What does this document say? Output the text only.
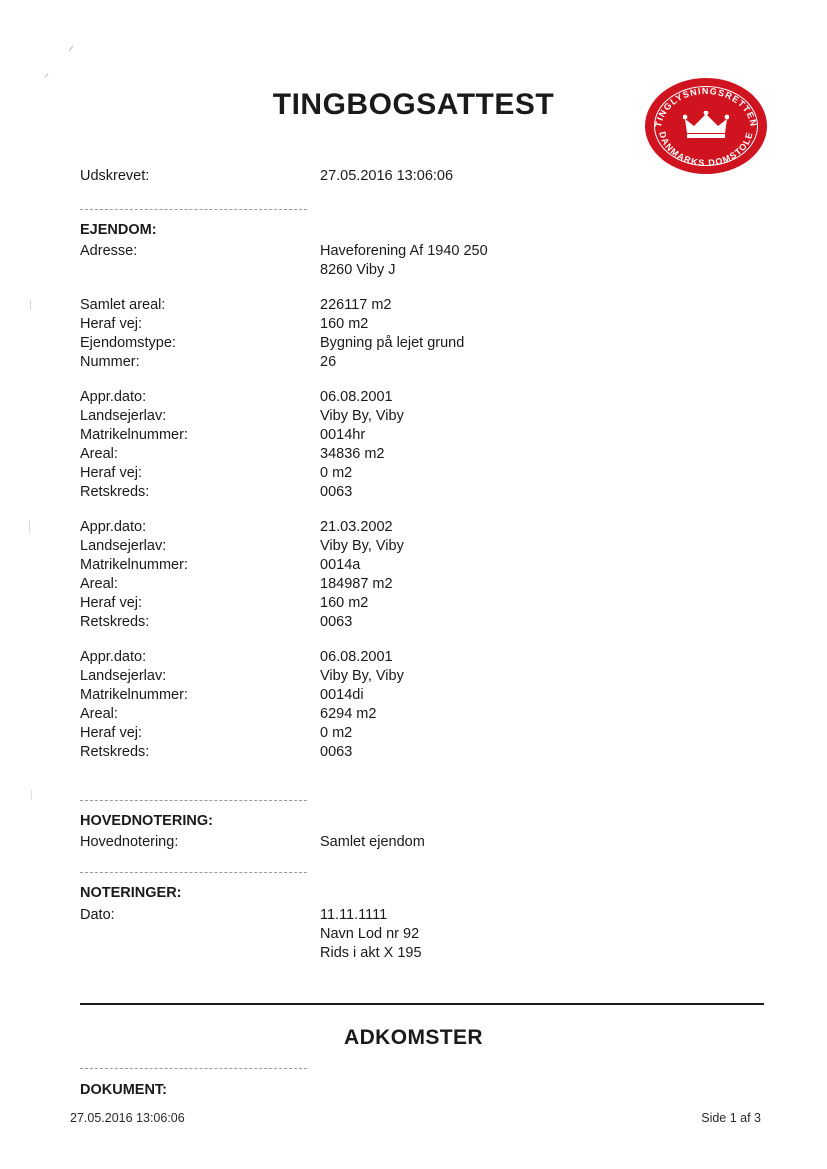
TINGBOGSATTEST
TINGLYSNINGSRETTEN
DANMARKS DOMSTOLE
Udskrevet:	27.05.2016 13:06:06
EJENDOM:
Adresse:	Haveforening Af 1940 250
8260 Viby J
Samlet areal:	226117 m2
Heraf vej:	160 m2
Ejendomstype:	Bygning på lejet grund
Nummer:	26
Appr.dato:	06.08.2001
Landsejerlav:	Viby By, Viby
Matrikelnummer:	0014hr
Areal:	34836 m2
Heraf vej:	0 m2
Retskreds:	0063
Appr.dato:	21.03.2002
Landsejerlav:	Viby By, Viby
Matrikelnummer:	0014a
Areal:	184987 m2
Heraf vej:	160 m2
Retskreds:	0063
Appr.dato:	06.08.2001
Landsejerlav:	Viby By, Viby
Matrikelnummer:	0014di
Areal:	6294 m2
Heraf vej:	0 m2
Retskreds:	0063
HOVEDNOTERING:
Hovednotering:	Samlet ejendom
NOTERINGER:
Dato:	11.11.1111
Navn Lod nr 92
Rids i akt X 195
ADKOMSTER
DOKUMENT:
27.05.2016 13:06:06	Side 1 af 3
